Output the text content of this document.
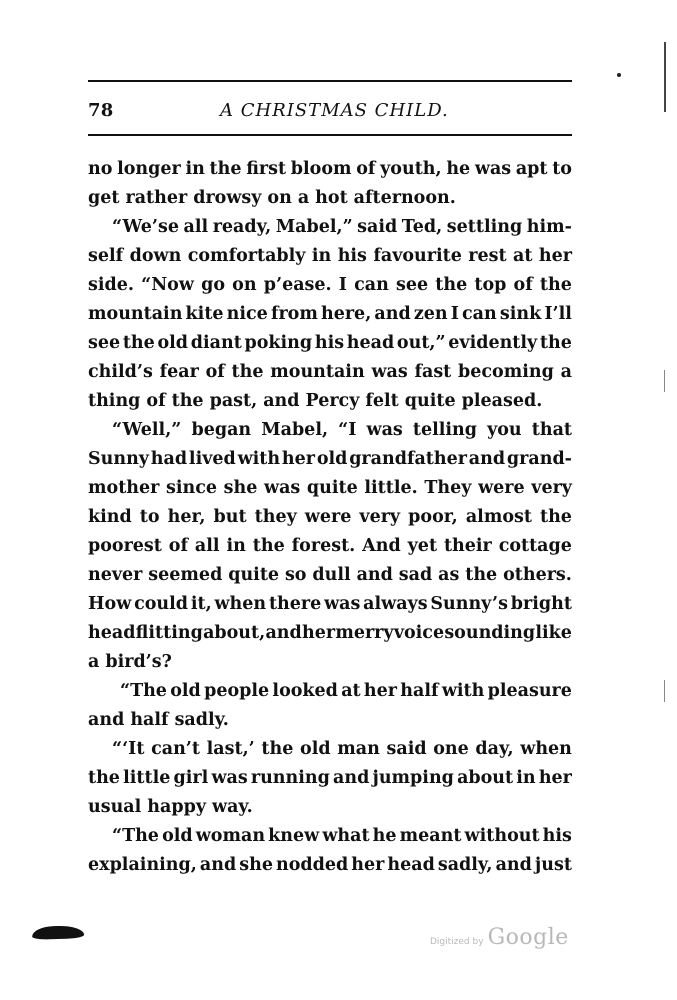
78	A CHRISTMAS CHILD.
no longer in the first bloom of youth, he was apt to
get rather drowsy on a hot afternoon.
“We’se all ready, Mabel,” said Ted, settling him-
self down comfortably in his favourite rest at her
side. “Now go on p’ease. I can see the top of the
mountain kite nice from here, and zen I can sink I’ll
see the old diant poking his head out,” evidently the
child’s fear of the mountain was fast becoming a
thing of the past, and Percy felt quite pleased.
“Well,” began Mabel, “I was telling you that
Sunny had lived with her old grandfather and grand-
mother since she was quite little. They were very
kind to her, but they were very poor, almost the
poorest of all in the forest. And yet their cottage
never seemed quite so dull and sad as the others.
How could it, when there was always Sunny’s bright
head flitting about, and her merry voice sounding like
a bird’s?
“The old people looked at her half with pleasure
and half sadly.
“‘It can’t last,’ the old man said one day, when
the little girl was running and jumping about in her
usual happy way.
“The old woman knew what he meant without his
explaining, and she nodded her head sadly, and just
Digitized by Google
